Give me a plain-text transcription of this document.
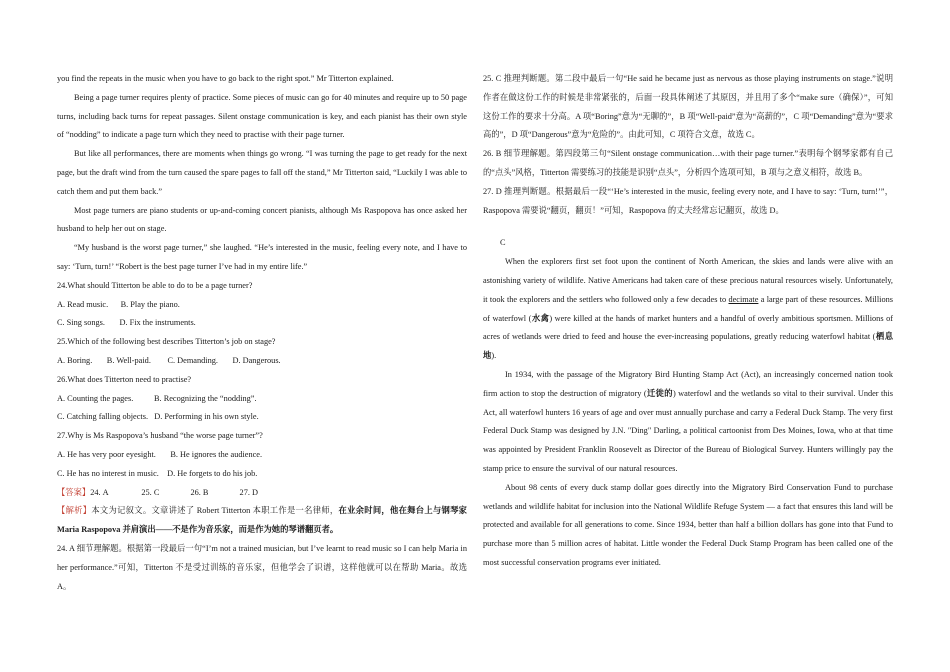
you find the repeats in the music when you have to go back to the right spot.” Mr Titterton explained.

Being a page turner requires plenty of practice. Some pieces of music can go for 40 minutes and require up to 50 page turns, including back turns for repeat passages. Silent onstage communication is key, and each pianist has their own style of “nodding” to indicate a page turn which they need to practise with their page turner.

But like all performances, there are moments when things go wrong. “I was turning the page to get ready for the next page, but the draft wind from the turn caused the spare pages to fall off the stand,” Mr Titterton said, “Luckily I was able to catch them and put them back.”

Most page turners are piano students or up-and-coming concert pianists, although Ms Raspopova has once asked her husband to help her out on stage.

“My husband is the worst page turner,” she laughed. “He’s interested in the music, feeling every note, and I have to say: ‘Turn, turn!’ “Robert is the best page turner I’ve had in my entire life.”

24.What should Titterton be able to do to be a page turner?

A. Read music.      B. Play the piano.

C. Sing songs.       D. Fix the instruments.

25.Which of the following best describes Titterton’s job on stage?

A. Boring.       B. Well-paid.        C. Demanding.       D. Dangerous.

26.What does Titterton need to practise?

A. Counting the pages.          B. Recognizing the “nodding”.

C. Catching falling objects.   D. Performing in his own style.

27.Why is Ms Raspopova’s husband “the worse page turner”?

A. He has very poor eyesight.       B. He ignores the audience.

C. He has no interest in music.    D. He forgets to do his job.

【答案】24. A                25. C               26. B               27. D

【解析】本文为记叙文。文章讲述了 Robert Titterton 本职工作是一名律师，在业余时间，他在舞台上与钢琴家 Maria Raspopova 并肩演出——不是作为音乐家，而是作为她的琴谱翻页者。

24. A 细节理解题。根据第一段最后一句“I’m not a trained musician, but I’ve learnt to read music so I can help Maria in her performance.”可知，Titterton 不是受过训练的音乐家，但他学会了识谱，这样他就可以在帮助 Maria。故选 A。

25. C 推理判断题。第二段中最后一句“He said he became just as nervous as those playing instruments on stage.”说明作者在做这份工作的时候是非常紧张的，后面一段具体阐述了其原因，并且用了多个“make sure（确保）”，可知这份工作的要求十分高。A 项“Boring”意为“无聊的”，B 项“Well-paid”意为“高薪的”，C 项“Demanding”意为“要求高的”，D 项“Dangerous”意为“危险的”。由此可知，C 项符合文意，故选 C。

26. B 细节理解题。第四段第三句“Silent onstage communication…with their page turner.”表明每个钢琴家都有自己的“点头”风格，Titterton 需要练习的技能是识别“点头”，分析四个选项可知，B 项与之意义相符，故选 B。

27. D 推理判断题。根据最后一段“‘He’s interested in the music, feeling every note, and I have to say: ‘Turn, turn!’”，Raspopova 需要说“翻页，翻页！”可知，Raspopova 的丈夫经常忘记翻页，故选 D。

C

When the explorers first set foot upon the continent of North American, the skies and lands were alive with an astonishing variety of wildlife. Native Americans had taken care of these precious natural resources wisely. Unfortunately, it took the explorers and the settlers who followed only a few decades to decimate a large part of these resources. Millions of waterfowl (水禽) were killed at the hands of market hunters and a handful of overly ambitious sportsmen. Millions of acres of wetlands were dried to feed and house the ever-increasing populations, greatly reducing waterfowl habitat (栖息地).

In 1934, with the passage of the Migratory Bird Hunting Stamp Act (Act), an increasingly concerned nation took firm action to stop the destruction of migratory (迁徙的) waterfowl and the wetlands so vital to their survival. Under this Act, all waterfowl hunters 16 years of age and over must annually purchase and carry a Federal Duck Stamp. The very first Federal Duck Stamp was designed by J.N. "Ding" Darling, a political cartoonist from Des Moines, Iowa, who at that time was appointed by President Franklin Roosevelt as Director of the Bureau of Biological Survey. Hunters willingly pay the stamp price to ensure the survival of our natural resources.

About 98 cents of every duck stamp dollar goes directly into the Migratory Bird Conservation Fund to purchase wetlands and wildlife habitat for inclusion into the National Wildlife Refuge System — a fact that ensures this land will be protected and available for all generations to come. Since 1934, better than half a billion dollars has gone into that Fund to purchase more than 5 million acres of habitat. Little wonder the Federal Duck Stamp Program has been called one of the most successful conservation programs ever initiated.
